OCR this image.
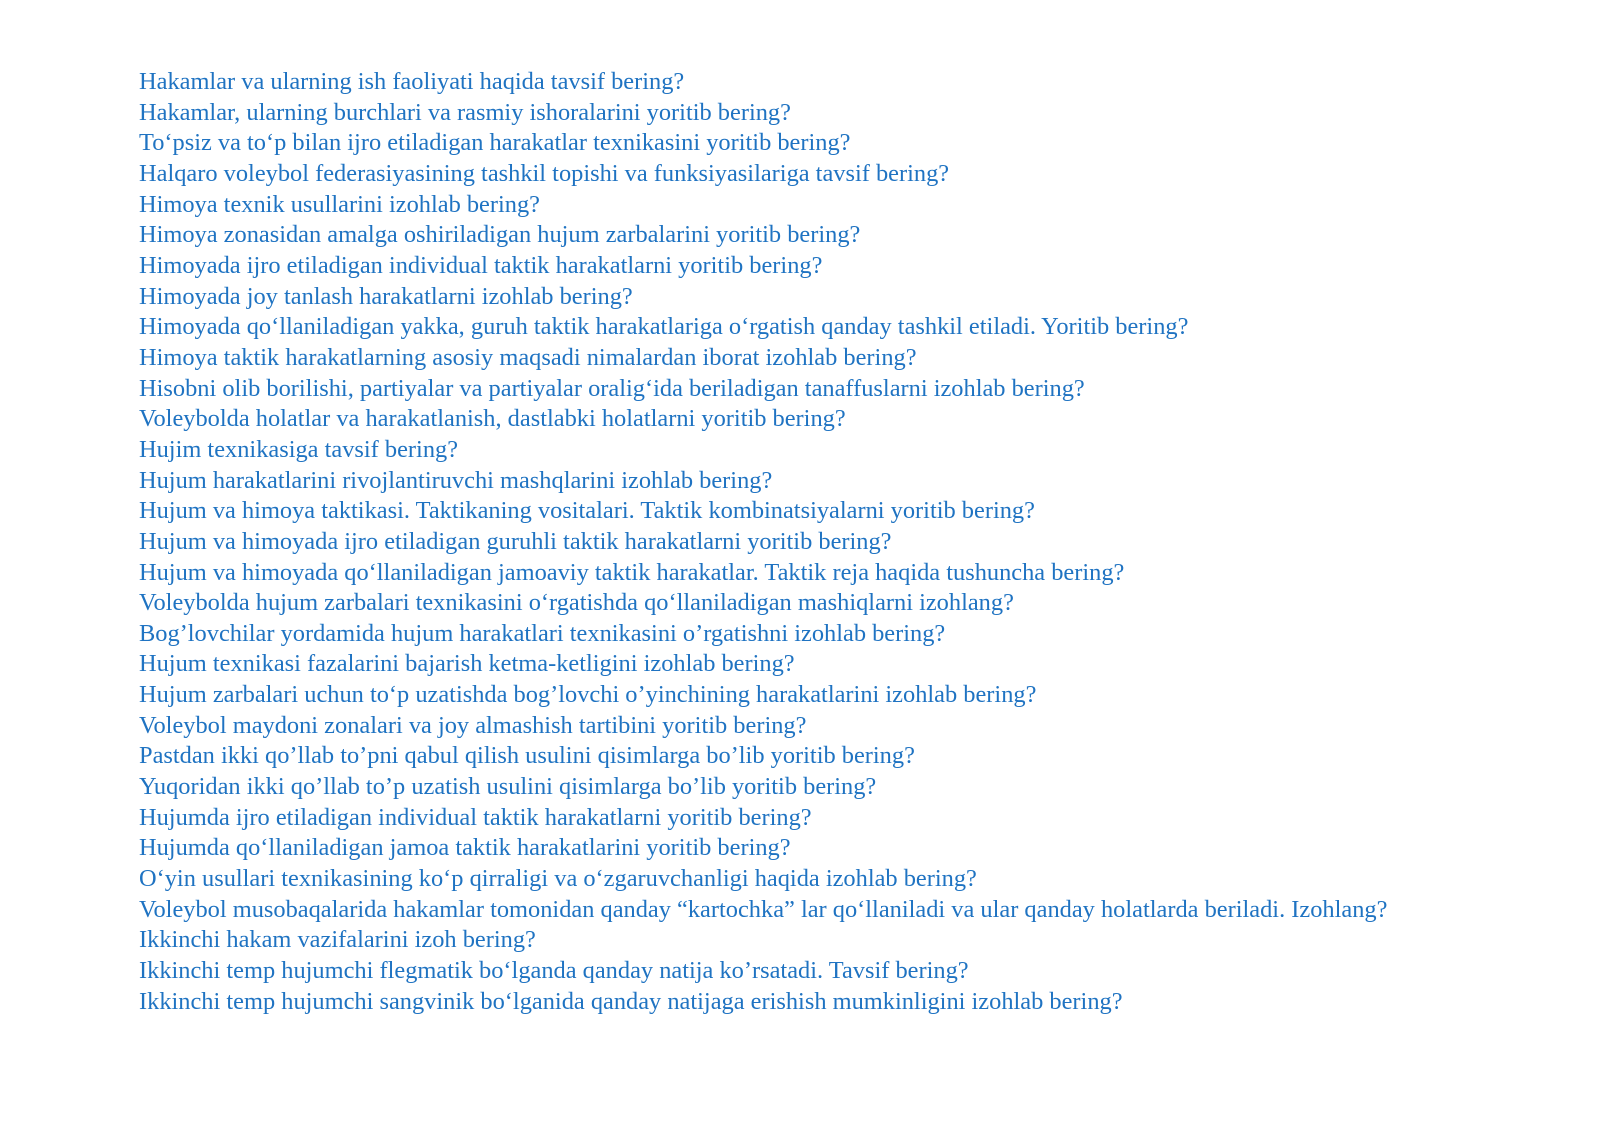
Hakamlar va ularning ish faoliyati haqida tavsif bering?
Hakamlar, ularning burchlari va rasmiy ishoralarini yoritib bering?
To‘psiz va to‘p bilan ijro etiladigan harakatlar texnikasini yoritib bering?
Halqaro voleybol federasiyasining tashkil topishi va funksiyasilariga tavsif bering?
Himoya texnik usullarini izohlab bering?
Himoya zonasidan amalga oshiriladigan hujum zarbalarini yoritib bering?
Himoyada ijro etiladigan individual taktik harakatlarni yoritib bering?
Himoyada joy tanlash harakatlarni izohlab bering?
Himoyada qo‘llaniladigan yakka, guruh taktik harakatlariga o‘rgatish qanday tashkil etiladi. Yoritib bering?
Himoya taktik harakatlarning asosiy maqsadi nimalardan iborat izohlab bering?
Hisobni olib borilishi, partiyalar va partiyalar oralig‘ida beriladigan tanaffuslarni izohlab bering?
Voleybolda holatlar va harakatlanish, dastlabki holatlarni yoritib bering?
Hujim texnikasiga tavsif bering?
Hujum harakatlarini rivojlantiruvchi mashqlarini izohlab bering?
Hujum va himoya taktikasi. Taktikaning vositalari. Taktik kombinatsiyalarni yoritib bering?
Hujum va himoyada ijro etiladigan guruhli taktik harakatlarni yoritib bering?
Hujum va himoyada qo‘llaniladigan jamoaviy taktik harakatlar. Taktik reja haqida tushuncha bering?
Voleybolda hujum zarbalari texnikasini o‘rgatishda qo‘llaniladigan mashiqlarni izohlang?
Bog’lovchilar yordamida hujum harakatlari texnikasini o’rgatishni izohlab bering?
Hujum texnikasi fazalarini bajarish ketma-ketligini izohlab bering?
Hujum zarbalari uchun to‘p uzatishda bog’lovchi o’yinchining harakatlarini izohlab bering?
Voleybol maydoni zonalari va joy almashish tartibini yoritib bering?
Pastdan ikki qo’llab to’pni qabul qilish usulini qisimlarga bo’lib yoritib bering?
Yuqoridan ikki qo’llab to’p uzatish usulini qisimlarga bo’lib yoritib bering?
Hujumda ijro etiladigan individual taktik harakatlarni yoritib bering?
Hujumda qo‘llaniladigan jamoa taktik harakatlarini yoritib bering?
O‘yin usullari texnikasining ko‘p qirraligi va o‘zgaruvchanligi haqida izohlab bering?
Voleybol musobaqalarida hakamlar tomonidan qanday “kartochka” lar qo‘llaniladi va ular qanday holatlarda beriladi. Izohlang?
Ikkinchi hakam vazifalarini izoh bering?
Ikkinchi temp hujumchi flegmatik bo‘lganda qanday natija ko’rsatadi. Tavsif bering?
Ikkinchi temp hujumchi sangvinik bo‘lganida qanday natijaga erishish mumkinligini izohlab bering?
